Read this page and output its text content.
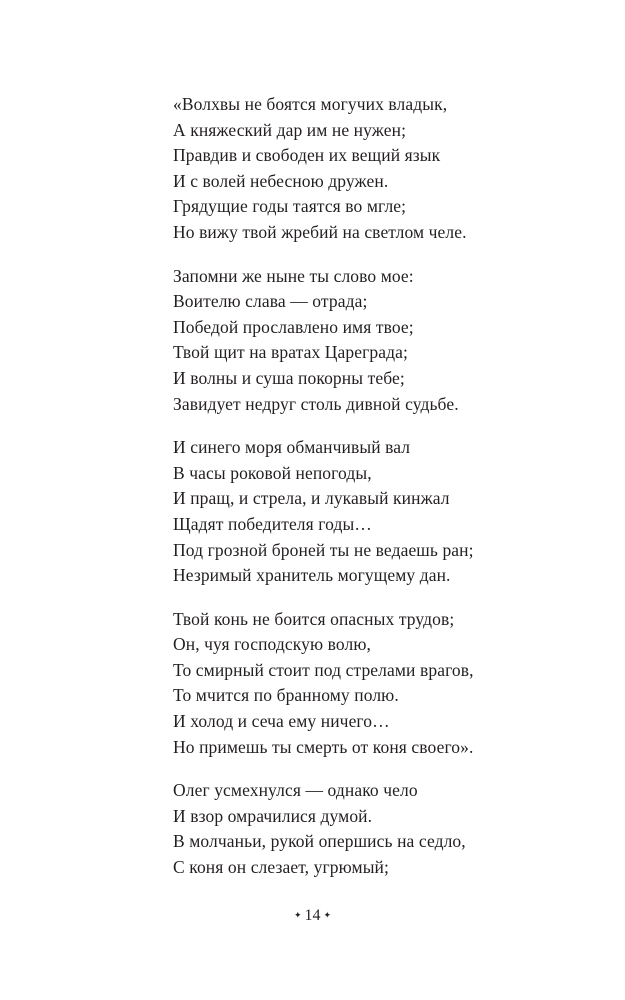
«Волхвы не боятся могучих владык,
А княжеский дар им не нужен;
Правдив и свободен их вещий язык
И с волей небесною дружен.
Грядущие годы таятся во мгле;
Но вижу твой жребий на светлом челе.
Запомни же ныне ты слово мое:
Воителю слава — отрада;
Победой прославлено имя твое;
Твой щит на вратах Цареграда;
И волны и суша покорны тебе;
Завидует недруг столь дивной судьбе.
И синего моря обманчивый вал
В часы роковой непогоды,
И пращ, и стрела, и лукавый кинжал
Щадят победителя годы…
Под грозной броней ты не ведаешь ран;
Незримый хранитель могущему дан.
Твой конь не боится опасных трудов;
Он, чуя господскую волю,
То смирный стоит под стрелами врагов,
То мчится по бранному полю.
И холод и сеча ему ничего…
Но примешь ты смерть от коня своего».
Олег усмехнулся — однако чело
И взор омрачилися думой.
В молчаньи, рукой опершись на седло,
С коня он слезает, угрюмый;
✦ 14 ✦
